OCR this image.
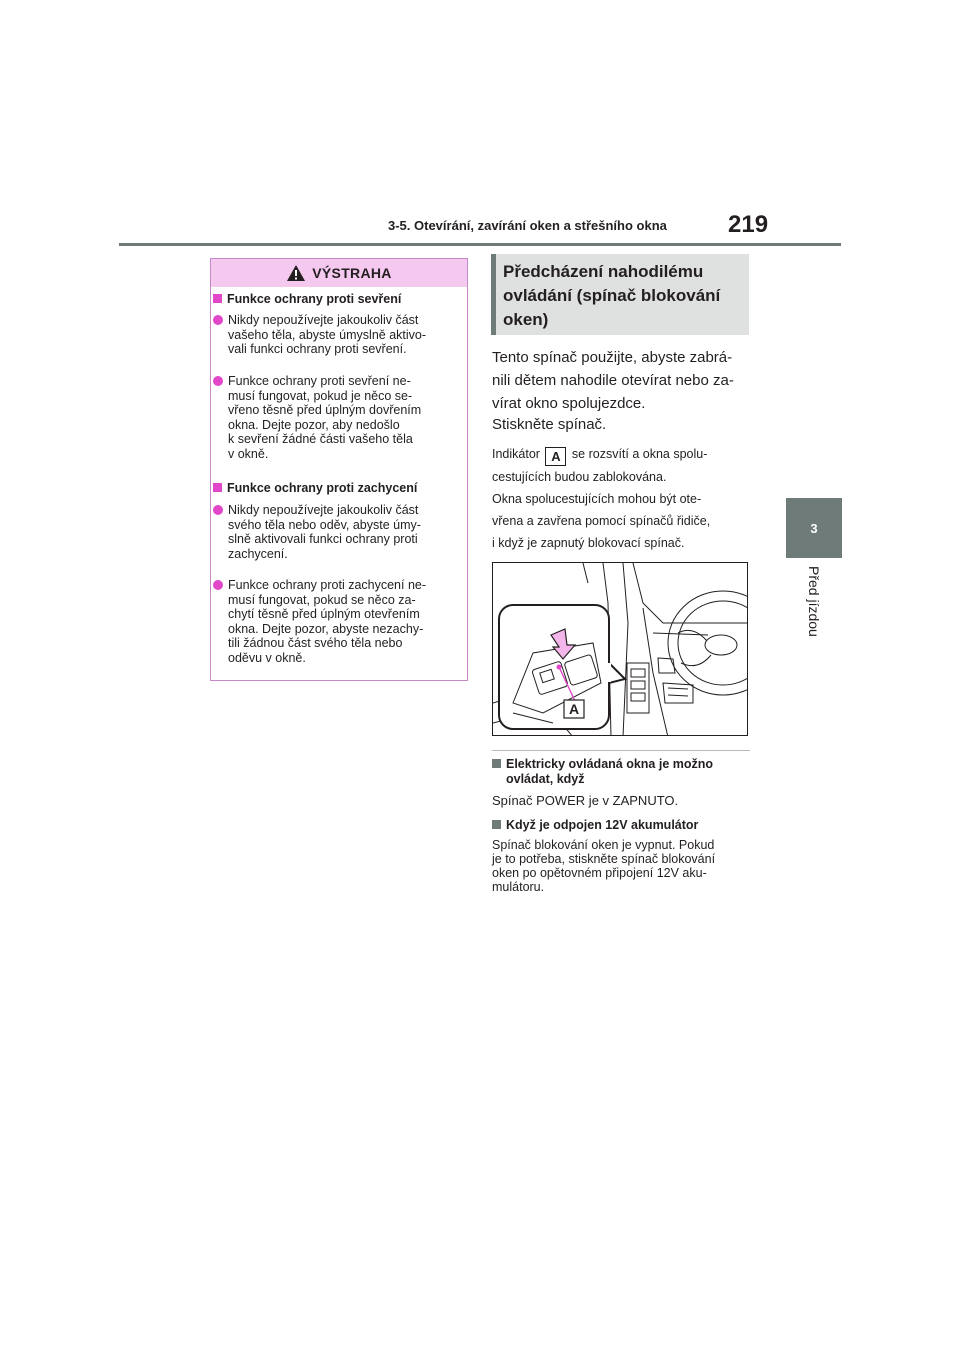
3-5. Otevírání, zavírání oken a střešního okna	219
3
Před jízdou
VÝSTRAHA
Funkce ochrany proti sevření
Nikdy nepoužívejte jakoukoliv část
vašeho těla, abyste úmyslně aktivo-
vali funkci ochrany proti sevření.
Funkce ochrany proti sevření ne-
musí fungovat, pokud je něco se-
vřeno těsně před úplným dovřením
okna. Dejte pozor, aby nedošlo
k sevření žádné části vašeho těla
v okně.
Funkce ochrany proti zachycení
Nikdy nepoužívejte jakoukoliv část
svého těla nebo oděv, abyste úmy-
slně aktivovali funkci ochrany proti
zachycení.
Funkce ochrany proti zachycení ne-
musí fungovat, pokud se něco za-
chytí těsně před úplným otevřením
okna. Dejte pozor, abyste nezachy-
tili žádnou část svého těla nebo
oděvu v okně.
Předcházení nahodilému
ovládání (spínač blokování
oken)
Tento spínač použijte, abyste zabrá-
nili dětem nahodile otevírat nebo za-
vírat okno spolujezdce.
Stiskněte spínač.
Indikátor A se rozsvítí a okna spolu-
cestujících budou zablokována.
Okna spolucestujících mohou být ote-
vřena a zavřena pomocí spínačů řidiče,
i když je zapnutý blokovací spínač.
A
Elektricky ovládaná okna je možno
ovládat, když
Spínač POWER je v ZAPNUTO.
Když je odpojen 12V akumulátor
Spínač blokování oken je vypnut. Pokud
je to potřeba, stiskněte spínač blokování
oken po opětovném připojení 12V aku-
mulátoru.
